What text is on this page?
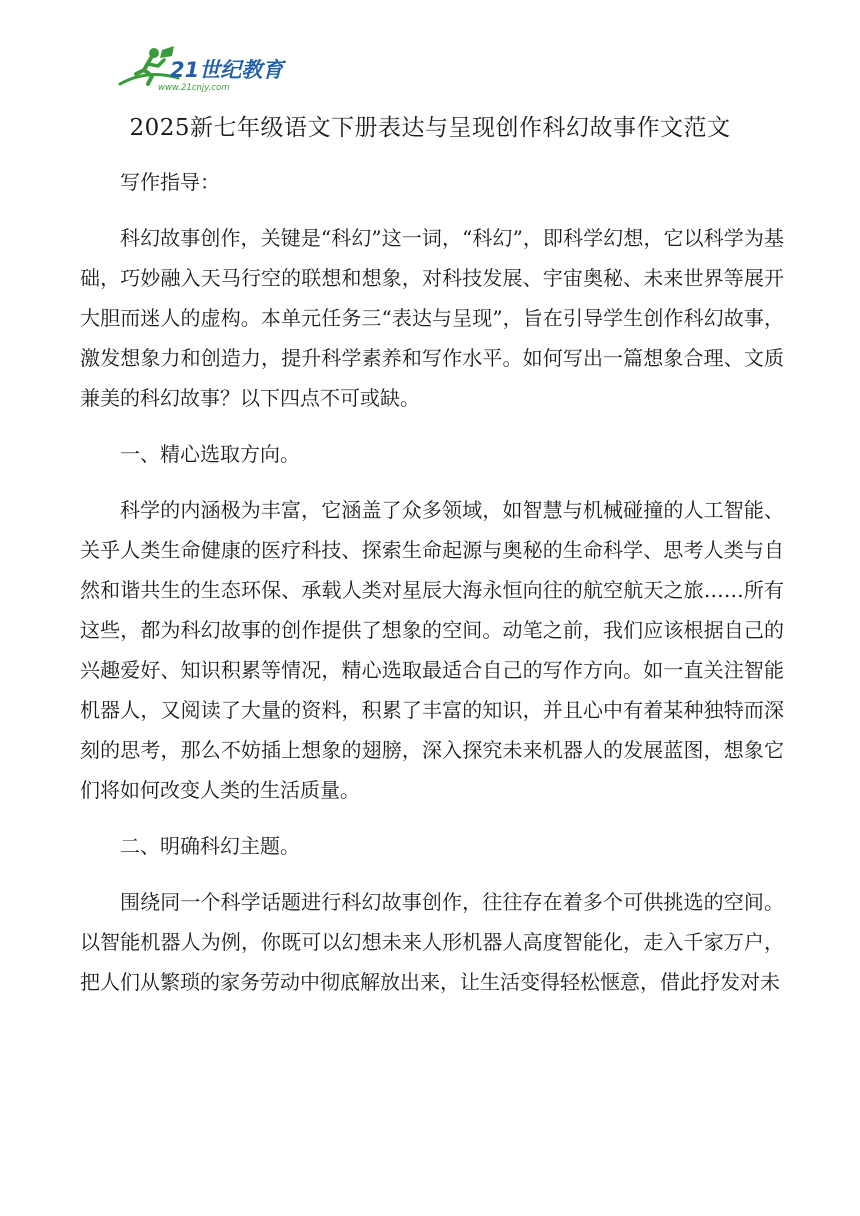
21世纪教育
www.21cnjy.com
2025新七年级语文下册表达与呈现创作科幻故事作文范文

写作指导：

科幻故事创作，关键是“科幻”这一词，“科幻”，即科学幻想，它以科学为基础，巧妙融入天马行空的联想和想象，对科技发展、宇宙奥秘、未来世界等展开大胆而迷人的虚构。本单元任务三“表达与呈现”，旨在引导学生创作科幻故事，激发想象力和创造力，提升科学素养和写作水平。如何写出一篇想象合理、文质兼美的科幻故事？以下四点不可或缺。

一、精心选取方向。

科学的内涵极为丰富，它涵盖了众多领域，如智慧与机械碰撞的人工智能、关乎人类生命健康的医疗科技、探索生命起源与奥秘的生命科学、思考人类与自然和谐共生的生态环保、承载人类对星辰大海永恒向往的航空航天之旅……所有这些，都为科幻故事的创作提供了想象的空间。动笔之前，我们应该根据自己的兴趣爱好、知识积累等情况，精心选取最适合自己的写作方向。如一直关注智能机器人，又阅读了大量的资料，积累了丰富的知识，并且心中有着某种独特而深刻的思考，那么不妨插上想象的翅膀，深入探究未来机器人的发展蓝图，想象它们将如何改变人类的生活质量。

二、明确科幻主题。

围绕同一个科学话题进行科幻故事创作，往往存在着多个可供挑选的空间。以智能机器人为例，你既可以幻想未来人形机器人高度智能化，走入千家万户，把人们从繁琐的家务劳动中彻底解放出来，让生活变得轻松惬意，借此抒发对未
